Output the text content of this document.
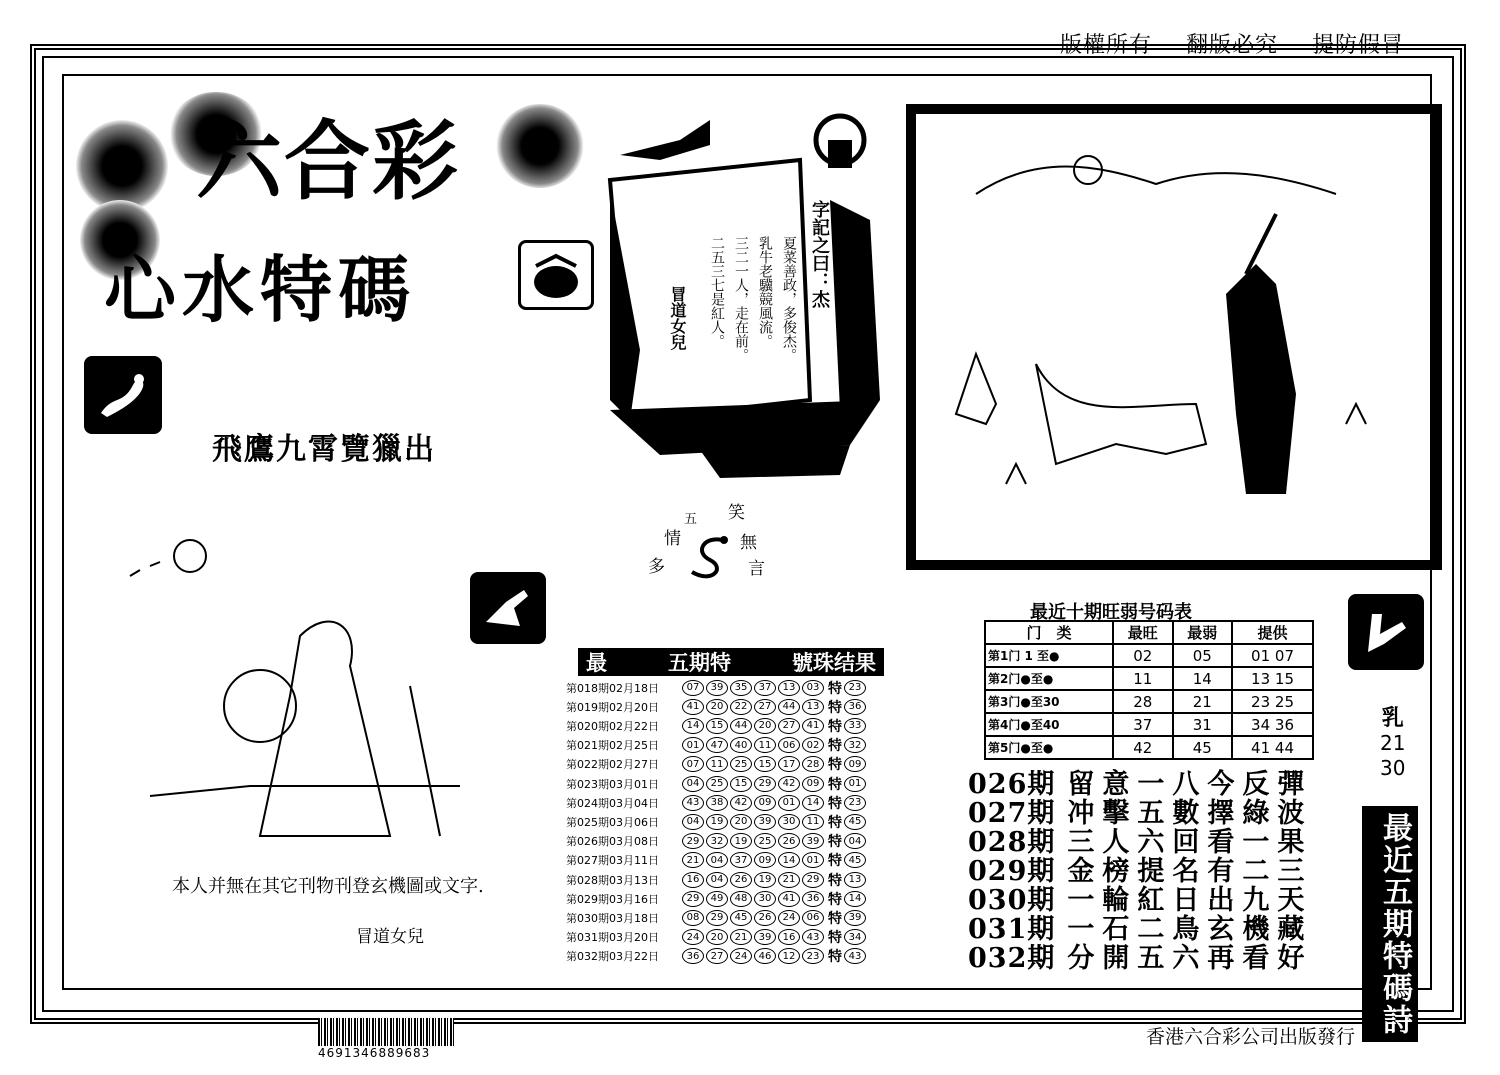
版權所有 翻版必究 提防假冒
六合彩
心水特碼
飛鷹九霄覽獵出
字記之曰：杰
夏菜善政，多俊杰。
乳牛老驥競風流。
三二一人，走在前。
二五三七是紅人。
冒道女兒
笑
無
言
五
情
多
最	五期特	號珠结果
第018期02月18日	07	39	35	37	13	03 特 23
第019期02月20日	41	20	22	27	44	13 特 36
第020期02月22日	14	15	44	20	27	41 特 33
第021期02月25日	01	47	40	11	06	02 特 32
第022期02月27日	07	11	25	15	17	28 特 09
第023期03月01日	04	25	15	29	42	09 特 01
第024期03月04日	43	38	42	09	01	14 特 23
第025期03月06日	04	19	20	39	30	11 特 45
第026期03月08日	29	32	19	25	26	39 特 04
第027期03月11日	21	04	37	09	14	01 特 45
第028期03月13日	16	04	26	19	21	29 特 13
第029期03月16日	29	49	48	30	41	36 特 14
第030期03月18日	08	29	45	26	24	06 特 39
第031期03月20日	24	20	21	39	16	43 特 34
第032期03月22日	36	27	24	46	12	23 特 43
最近十期旺弱号码表
门　类	最旺	最弱	提供
第1门 1 至●	02	05	01 07
第2门●至●	11	14	13 15
第3门●至30	28	21	23 25
第4门●至40	37	31	34 36
第5门●至●	42	45	41 44
026期 留意一八今反彈
027期 冲擊五數擇綠波
028期 三人六回看一果
029期 金榜提名有二三
030期 一輪紅日出九天
031期 一石二鳥玄機藏
032期 分開五六再看好
乳
21
30
最近五期特碼詩
本人并無在其它刊物刊登玄機圖或文字.
冒道女兒
4691346889683
香港六合彩公司出版發行
